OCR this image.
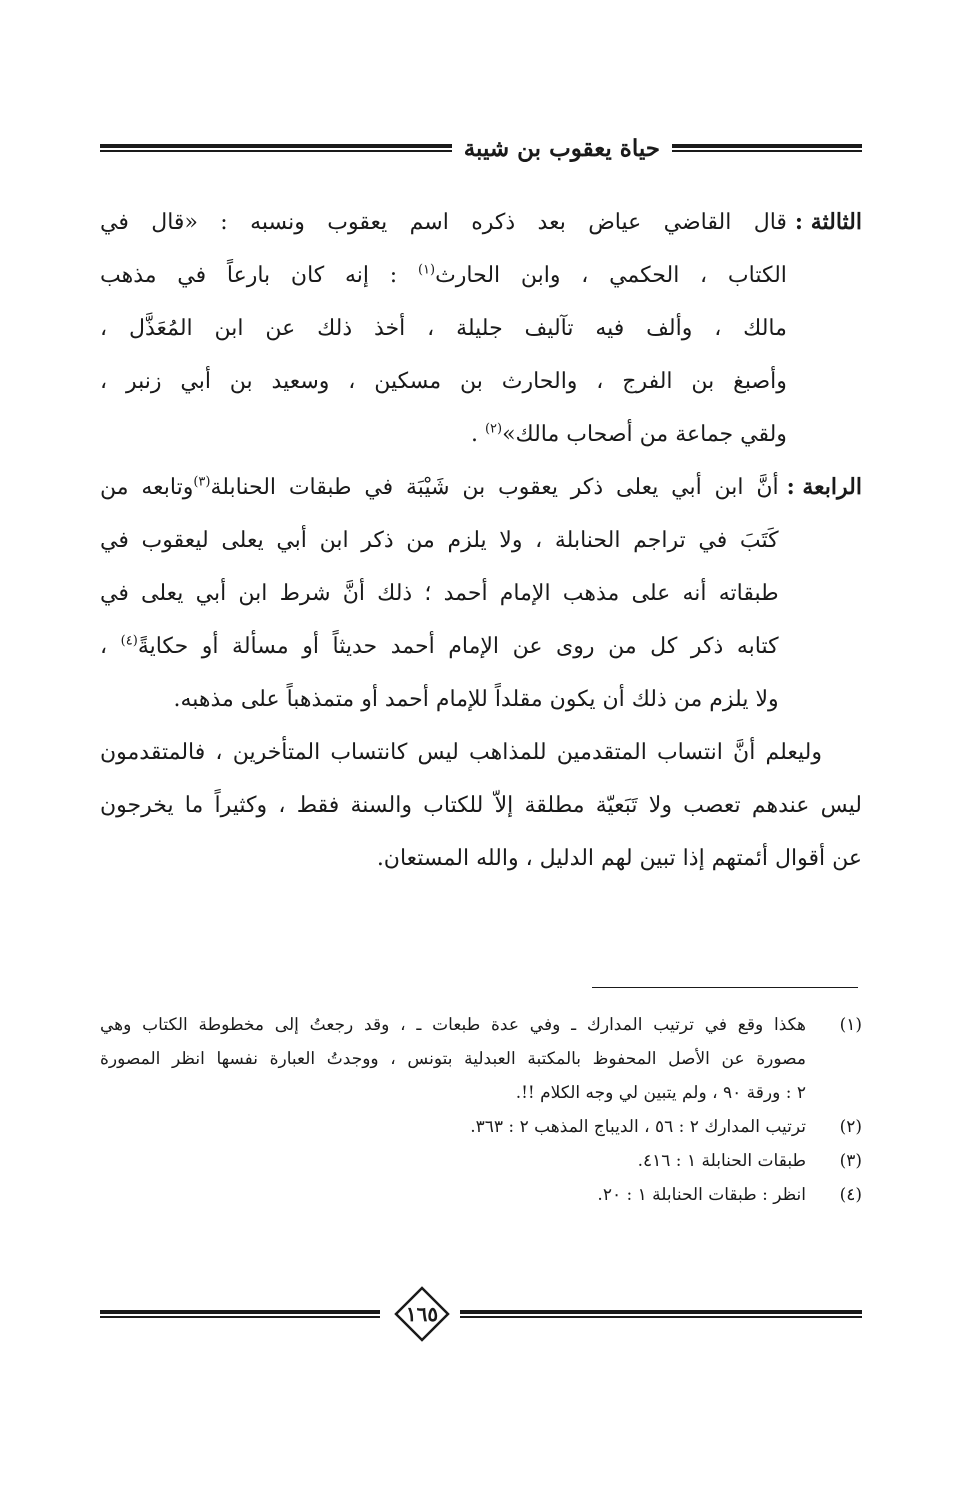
حياة يعقوب بن شيبة
الثالثة :
قال القاضي عياض بعد ذكره اسم يعقوب ونسبه : «قال في
الكتاب ، الحكمي ، وابن الحارث$^{(١)}$ : إنه كان بارعاً في مذهب
مالك ، وألف فيه تآليف جليلة ، أخذ ذلك عن ابن المُعَذَّل ،
وأصبغ بن الفرج ، والحارث بن مسكين ، وسعيد بن أبي زنبر ،
ولقي جماعة من أصحاب مالك»$^{(٢)}$ .
الرابعة :
أنَّ ابن أبي يعلى ذكر يعقوب بن شَيْبَة في طبقات الحنابلة$^{(٣)}$وتابعه من
كَتَبَ في تراجم الحنابلة ، ولا يلزم من ذكر ابن أبي يعلى ليعقوب في
طبقاته أنه على مذهب الإمام أحمد ؛ ذلك أنَّ شرط ابن أبي يعلى في
كتابه ذكر كل من روى عن الإمام أحمد حديثاً أو مسألة أو حكايةً$^{(٤)}$ ،
ولا يلزم من ذلك أن يكون مقلداً للإمام أحمد أو متمذهباً على مذهبه.
وليعلم أنَّ انتساب المتقدمين للمذاهب ليس كانتساب المتأخرين ، فالمتقدمون
ليس عندهم تعصب ولا تَبَعيّة مطلقة إلاّ للكتاب والسنة فقط ، وكثيراً ما يخرجون
عن أقوال أئمتهم إذا تبين لهم الدليل ، والله المستعان.
(١)
هكذا وقع في ترتيب المدارك ـ وفي عدة طبعات ـ ، وقد رجعتُ إلى مخطوطة الكتاب وهي
مصورة عن الأصل المحفوظ بالمكتبة العبدلية بتونس ، ووجدتُ العبارة نفسها انظر المصورة
٢ : ورقة ٩٠ ، ولم يتبين لي وجه الكلام !!.
(٢)
ترتيب المدارك ٢ : ٥٦ ، الديباج المذهب ٢ : ٣٦٣.
(٣)
طبقات الحنابلة ١ : ٤١٦.
(٤)
انظر : طبقات الحنابلة ١ : ٢٠.
١٦٥
